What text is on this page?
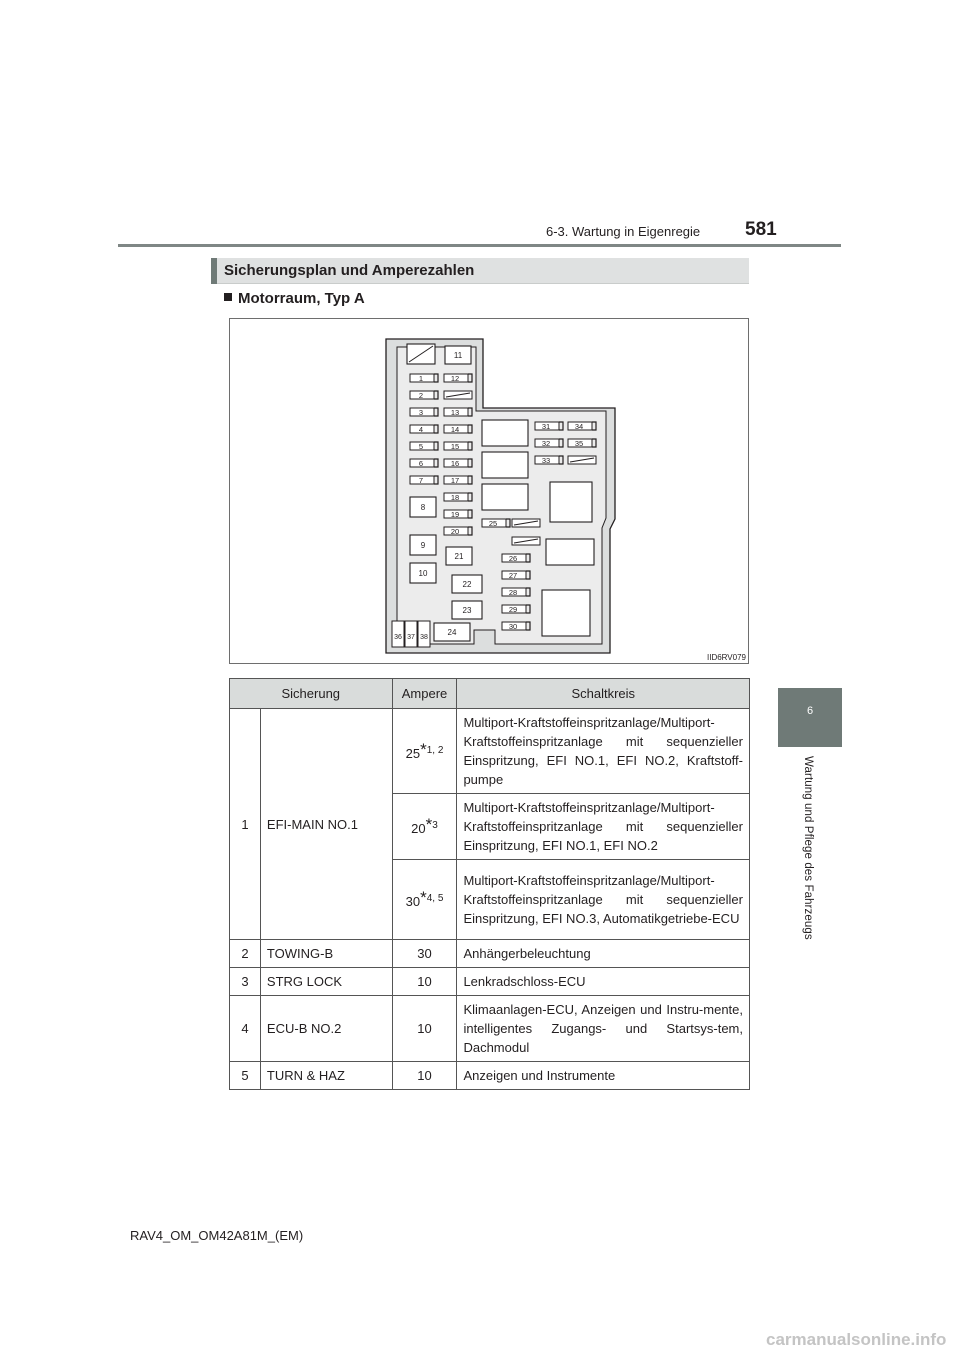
6-3. Wartung in Eigenregie 581
6
Wartung und Pflege des Fahrzeugs
Sicherungsplan und Amperezahlen
Motorraum, Typ A
11
1
2
3
4
5
6
7
12
13
14
15
16
17
18
19
20
8
9
10
21
22
23
24
31
32
33
34
35
25
26
27
28
29
30
36 37 38
IID6RV079
Sicherung		Ampere	Schaltkreis
1	EFI-MAIN NO.1	25*$^{1, 2}$	Multiport-Kraftstoffeinspritzanlage/Multiport-Kraftstoffeinspritzanlage mit sequenzieller Einspritzung, EFI NO.1, EFI NO.2, Kraftstoff-pumpe
		20*$^3$	Multiport-Kraftstoffeinspritzanlage/Multiport-Kraftstoffeinspritzanlage mit sequenzieller Einspritzung, EFI NO.1, EFI NO.2
		30*$^{4, 5}$	Multiport-Kraftstoffeinspritzanlage/Multiport-Kraftstoffeinspritzanlage mit sequenzieller Einspritzung, EFI NO.3, Automatikgetriebe-ECU
2	TOWING-B	30	Anhängerbeleuchtung
3	STRG LOCK	10	Lenkradschloss-ECU
4	ECU-B NO.2	10	Klimaanlagen-ECU, Anzeigen und Instru-mente, intelligentes Zugangs- und Startsys-tem, Dachmodul
5	TURN & HAZ	10	Anzeigen und Instrumente
RAV4_OM_OM42A81M_(EM)
carmanualsonline.info
